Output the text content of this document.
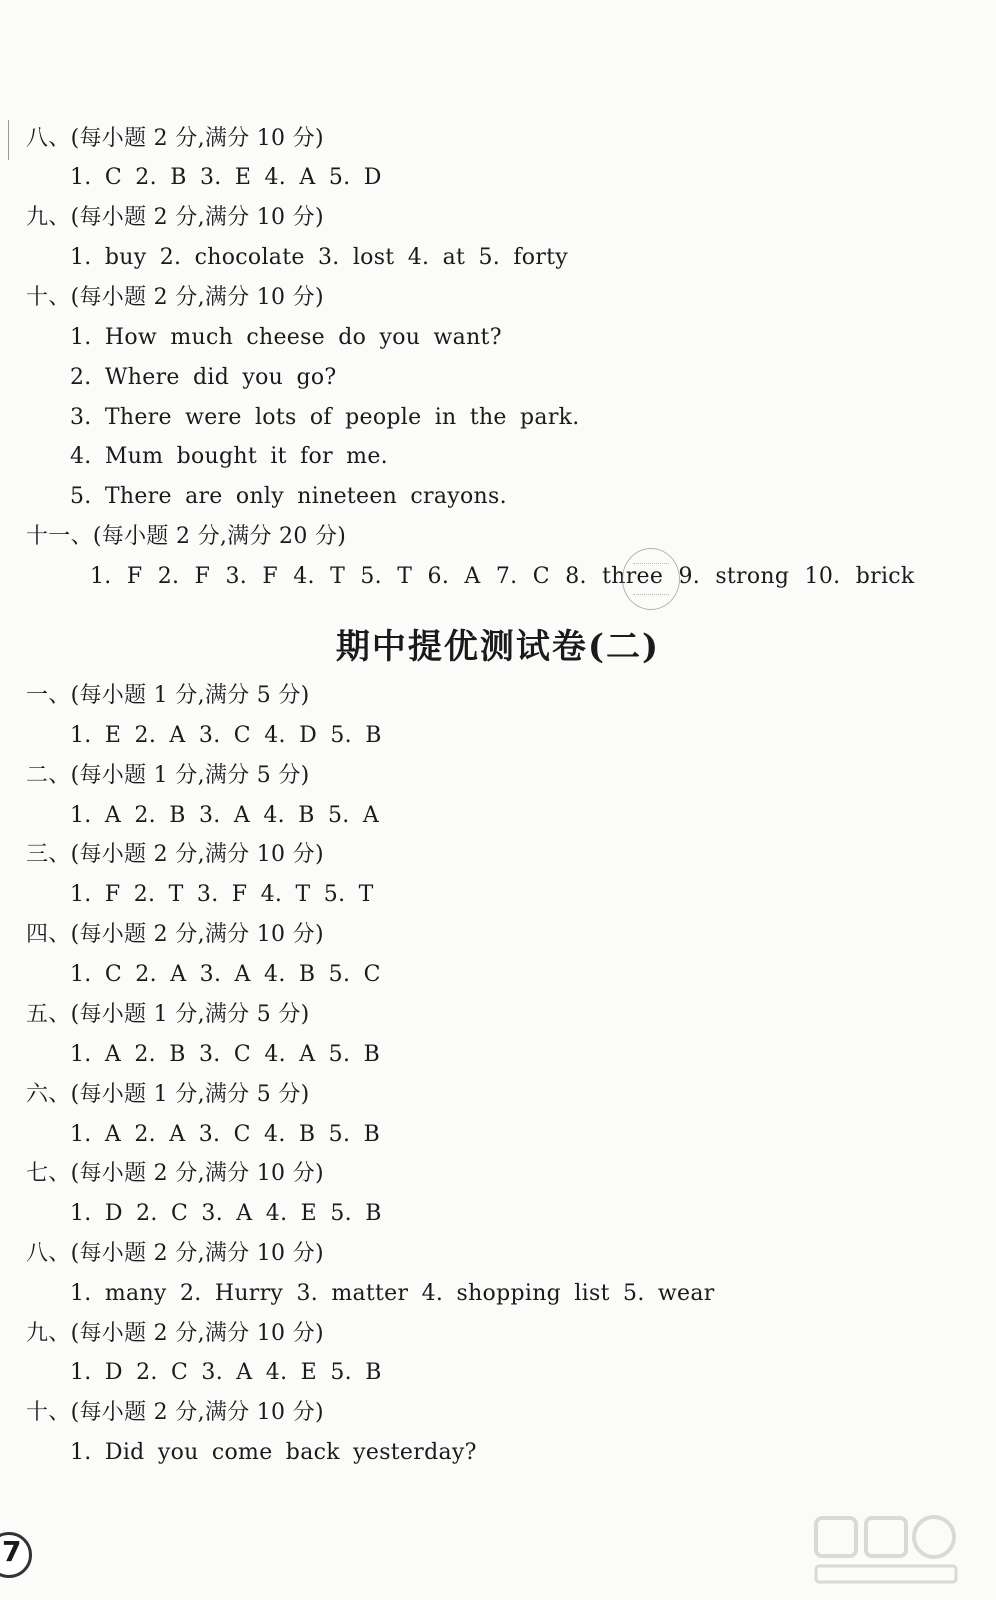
八、(每小题 2 分,满分 10 分)
1. C 2. B 3. E 4. A 5. D
九、(每小题 2 分,满分 10 分)
1. buy 2. chocolate 3. lost 4. at 5. forty
十、(每小题 2 分,满分 10 分)
1. How much cheese do you want?
2. Where did you go?
3. There were lots of people in the park.
4. Mum bought it for me.
5. There are only nineteen crayons.
十一、(每小题 2 分,满分 20 分)
1. F 2. F 3. F 4. T 5. T 6. A 7. C 8. three 9. strong 10. brick
期中提优测试卷(二)
一、(每小题 1 分,满分 5 分)
1. E 2. A 3. C 4. D 5. B
二、(每小题 1 分,满分 5 分)
1. A 2. B 3. A 4. B 5. A
三、(每小题 2 分,满分 10 分)
1. F 2. T 3. F 4. T 5. T
四、(每小题 2 分,满分 10 分)
1. C 2. A 3. A 4. B 5. C
五、(每小题 1 分,满分 5 分)
1. A 2. B 3. C 4. A 5. B
六、(每小题 1 分,满分 5 分)
1. A 2. A 3. C 4. B 5. B
七、(每小题 2 分,满分 10 分)
1. D 2. C 3. A 4. E 5. B
八、(每小题 2 分,满分 10 分)
1. many 2. Hurry 3. matter 4. shopping list 5. wear
九、(每小题 2 分,满分 10 分)
1. D 2. C 3. A 4. E 5. B
十、(每小题 2 分,满分 10 分)
1. Did you come back yesterday?
7
